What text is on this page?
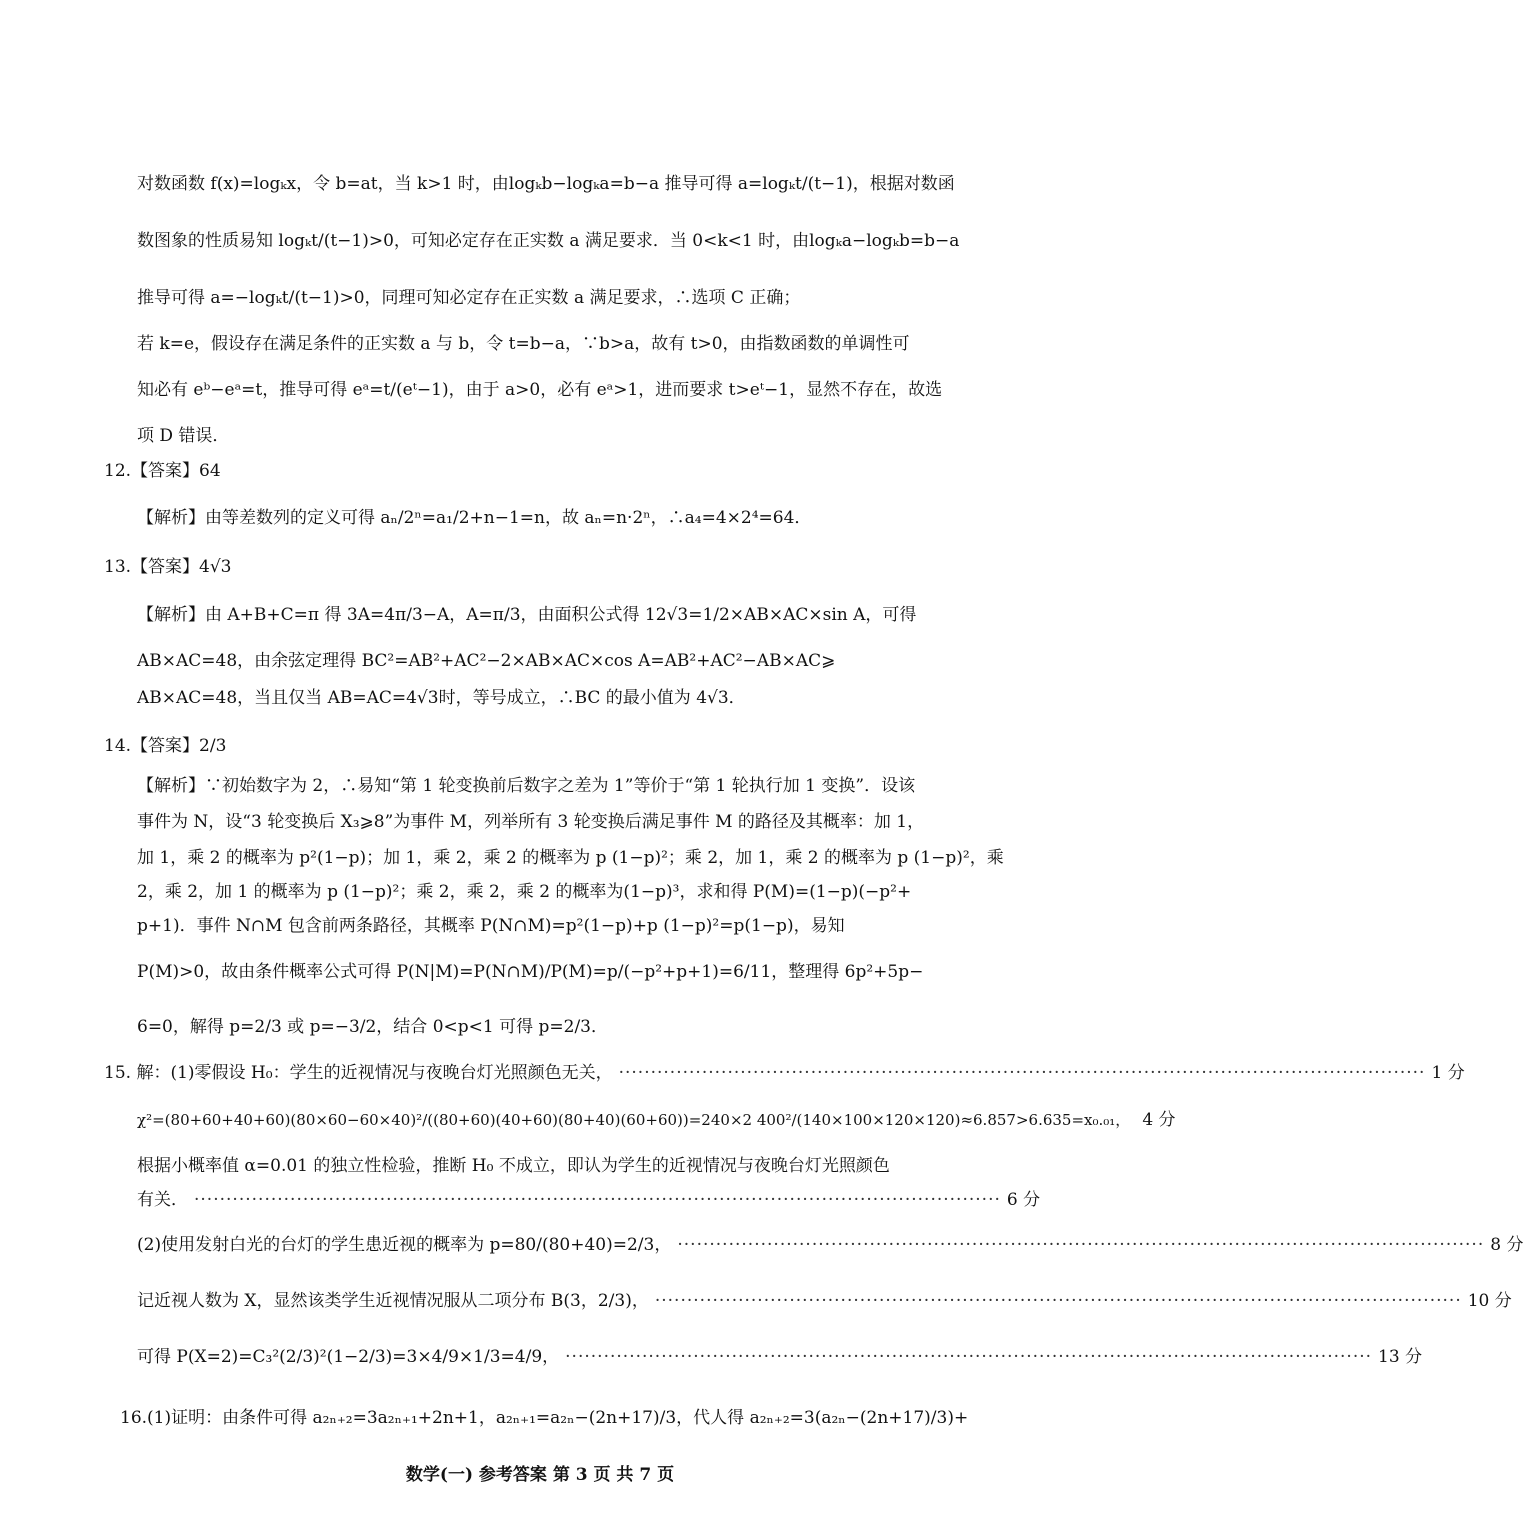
对数函数 f(x)=logₖx，令 b=at，当 k>1 时，由logₖb−logₖa=b−a 推导可得 a=logₖt/(t−1)，根据对数函
数图象的性质易知 logₖt/(t−1)>0，可知必定存在正实数 a 满足要求．当 0<k<1 时，由logₖa−logₖb=b−a
推导可得 a=−logₖt/(t−1)>0，同理可知必定存在正实数 a 满足要求，∴选项 C 正确；
若 k=e，假设存在满足条件的正实数 a 与 b，令 t=b−a，∵b>a，故有 t>0，由指数函数的单调性可
知必有 eᵇ−eᵃ=t，推导可得 eᵃ=t/(eᵗ−1)，由于 a>0，必有 eᵃ>1，进而要求 t>eᵗ−1，显然不存在，故选
项 D 错误．
12.【答案】64
【解析】由等差数列的定义可得 aₙ/2ⁿ=a₁/2+n−1=n，故 aₙ=n·2ⁿ，∴a₄=4×2⁴=64．
13.【答案】4√3
【解析】由 A+B+C=π 得 3A=4π/3−A，A=π/3，由面积公式得 12√3=1/2×AB×AC×sin A，可得
AB×AC=48，由余弦定理得 BC²=AB²+AC²−2×AB×AC×cos A=AB²+AC²−AB×AC⩾
AB×AC=48，当且仅当 AB=AC=4√3时，等号成立，∴BC 的最小值为 4√3．
14.【答案】2/3
【解析】∵初始数字为 2，∴易知“第 1 轮变换前后数字之差为 1”等价于“第 1 轮执行加 1 变换”．设该
事件为 N，设“3 轮变换后 X₃⩾8”为事件 M，列举所有 3 轮变换后满足事件 M 的路径及其概率：加 1，
加 1，乘 2 的概率为 p²(1−p)；加 1，乘 2，乘 2 的概率为 p (1−p)²；乘 2，加 1，乘 2 的概率为 p (1−p)²，乘
2，乘 2，加 1 的概率为 p (1−p)²；乘 2，乘 2，乘 2 的概率为(1−p)³，求和得 P(M)=(1−p)(−p²+
p+1)．事件 N∩M 包含前两条路径，其概率 P(N∩M)=p²(1−p)+p (1−p)²=p(1−p)，易知
P(M)>0，故由条件概率公式可得 P(N|M)=P(N∩M)/P(M)=p/(−p²+p+1)=6/11，整理得 6p²+5p−
6=0，解得 p=2/3 或 p=−3/2，结合 0<p<1 可得 p=2/3．
15. 解：(1)零假设 H₀：学生的近视情况与夜晚台灯光照颜色无关， ·····	1 分
χ²=(80+60+40+60)(80×60−60×40)²/((80+60)(40+60)(80+40)(60+60))=240×2 400²/(140×100×120×120)≈6.857>6.635=x₀.₀₁， 4 分
根据小概率值 α=0.01 的独立性检验，推断 H₀ 不成立，即认为学生的近视情况与夜晚台灯光照颜色
有关． ·····	6 分
(2)使用发射白光的台灯的学生患近视的概率为 p=80/(80+40)=2/3， ·····	8 分
记近视人数为 X，显然该类学生近视情况服从二项分布 B(3，2/3)， ·····	10 分
可得 P(X=2)=C₃²(2/3)²(1−2/3)=3×4/9×1/3=4/9， ·····	13 分
16.(1)证明：由条件可得 a₂ₙ₊₂=3a₂ₙ₊₁+2n+1，a₂ₙ₊₁=a₂ₙ−(2n+17)/3，代人得 a₂ₙ₊₂=3(a₂ₙ−(2n+17)/3)+
数学(一) 参考答案 第 3 页 共 7 页
